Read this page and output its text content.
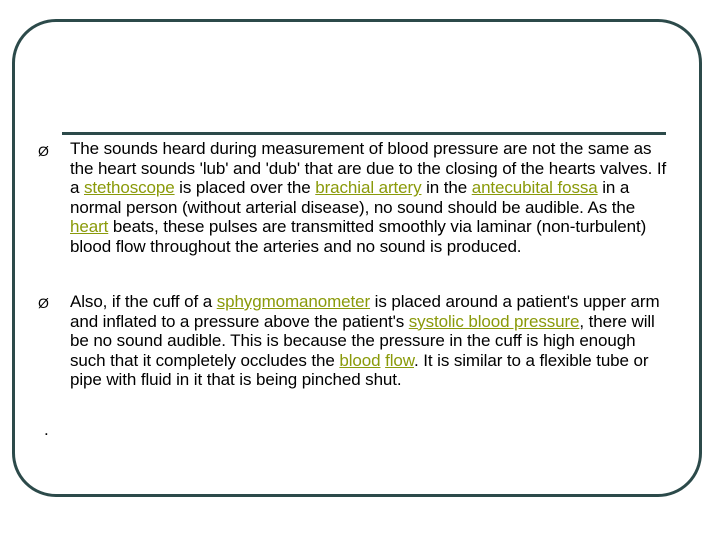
Ø The sounds heard during measurement of blood pressure are not the same as the heart sounds 'lub' and 'dub' that are due to the closing of the hearts valves. If a stethoscope is placed over the brachial artery in the antecubital fossa in a normal person (without arterial disease), no sound should be audible. As the heart beats, these pulses are transmitted smoothly via laminar (non-turbulent) blood flow throughout the arteries and no sound is produced.

Ø Also, if the cuff of a sphygmomanometer is placed around a patient's upper arm and inflated to a pressure above the patient's systolic blood pressure, there will be no sound audible. This is because the pressure in the cuff is high enough such that it completely occludes the blood flow. It is similar to a flexible tube or pipe with fluid in it that is being pinched shut.

.
